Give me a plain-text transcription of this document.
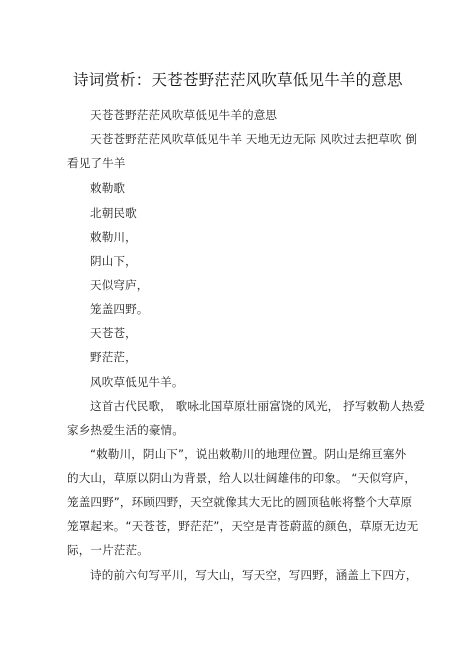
诗词赏析：天苍苍野茫茫风吹草低见牛羊的意思
天苍苍野茫茫风吹草低见牛羊的意思
天苍苍野茫茫风吹草低见牛羊 天地无边无际 风吹过去把草吹 倒
看见了牛羊
敕勒歌
北朝民歌
敕勒川，
阴山下，
天似穹庐，
笼盖四野。
天苍苍，
野茫茫，
风吹草低见牛羊。
这首古代民歌， 歌咏北国草原壮丽富饶的风光， 抒写敕勒人热爱
家乡热爱生活的豪情。
“敕勒川，阴山下”，说出敕勒川的地理位置。阴山是绵亘塞外
的大山，草原以阴山为背景，给人以壮阔雄伟的印象。 “天似穹庐，
笼盖四野”，环顾四野，天空就像其大无比的圆顶毡帐将整个大草原
笼罩起来。“天苍苍，野茫茫”，天空是青苍蔚蓝的颜色，草原无边无
际，一片茫茫。
诗的前六句写平川，写大山，写天空，写四野，涵盖上下四方，
